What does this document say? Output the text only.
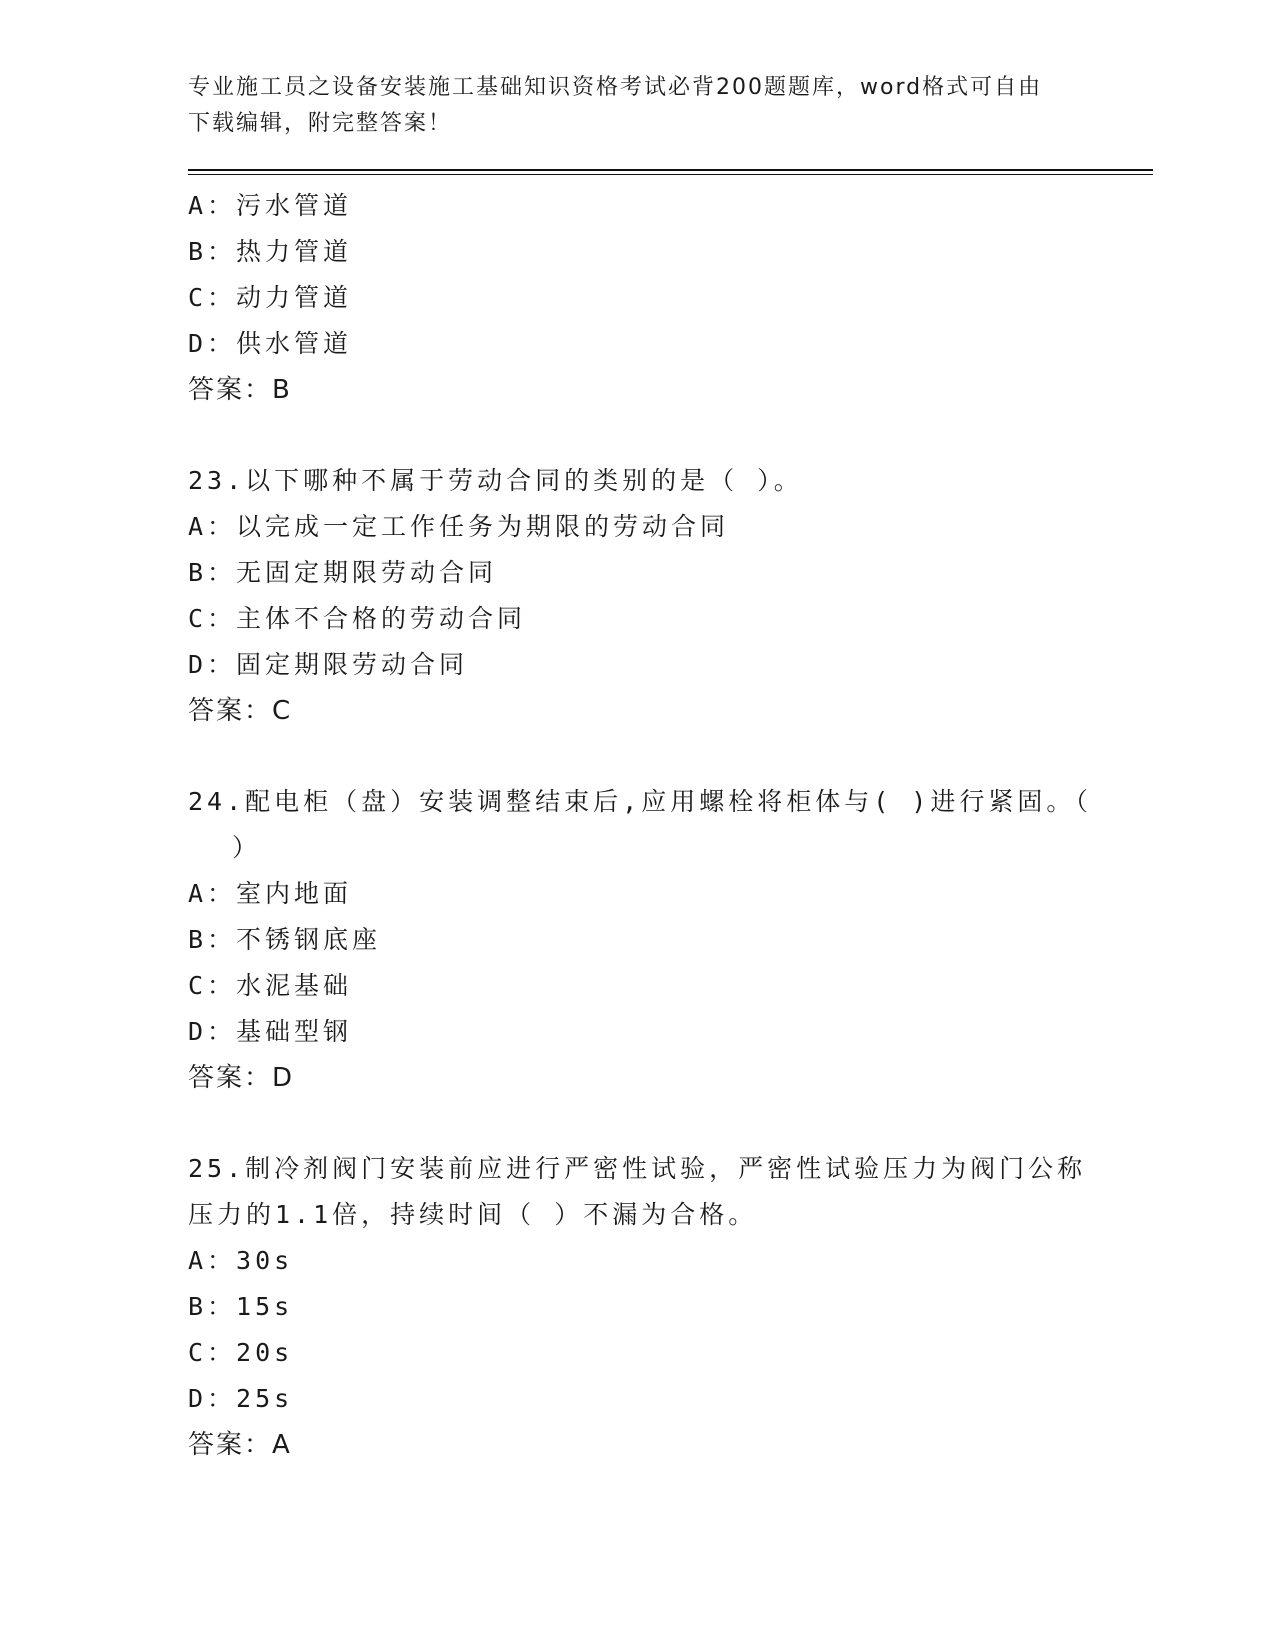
专业施工员之设备安装施工基础知识资格考试必背200题题库，word格式可自由
下载编辑，附完整答案！
A：污水管道
B：热力管道
C：动力管道
D：供水管道
答案：B
23.以下哪种不属于劳动合同的类别的是（ ）。
A：以完成一定工作任务为期限的劳动合同
B：无固定期限劳动合同
C：主体不合格的劳动合同
D：固定期限劳动合同
答案：C
24.配电柜（盘）安装调整结束后,应用螺栓将柜体与( )进行紧固。（
）
A：室内地面
B：不锈钢底座
C：水泥基础
D：基础型钢
答案：D
25.制冷剂阀门安装前应进行严密性试验，严密性试验压力为阀门公称
压力的1.1倍，持续时间（ ）不漏为合格。
A：30s
B：15s
C：20s
D：25s
答案：A
